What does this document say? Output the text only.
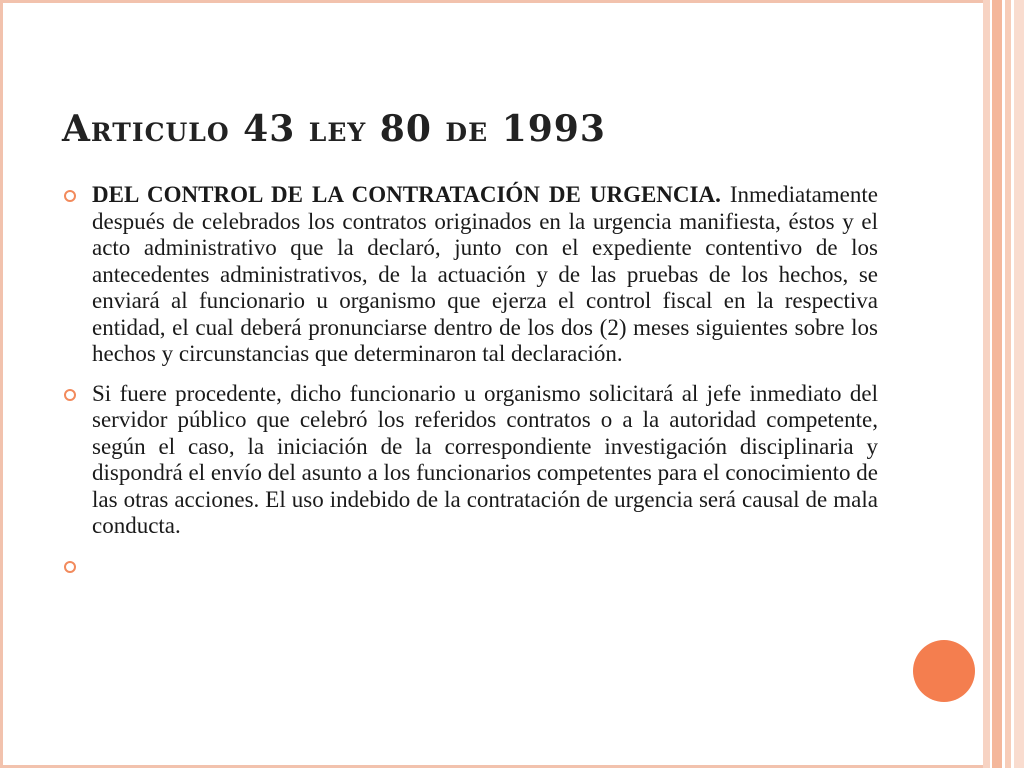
Articulo 43 ley 80 de 1993
DEL CONTROL DE LA CONTRATACIÓN DE URGENCIA. Inmediatamente después de celebrados los contratos originados en la urgencia manifiesta, éstos y el acto administrativo que la declaró, junto con el expediente contentivo de los antecedentes administrativos, de la actuación y de las pruebas de los hechos, se enviará al funcionario u organismo que ejerza el control fiscal en la respectiva entidad, el cual deberá pronunciarse dentro de los dos (2) meses siguientes sobre los hechos y circunstancias que determinaron tal declaración.
Si fuere procedente, dicho funcionario u organismo solicitará al jefe inmediato del servidor público que celebró los referidos contratos o a la autoridad competente, según el caso, la iniciación de la correspondiente investigación disciplinaria y dispondrá el envío del asunto a los funcionarios competentes para el conocimiento de las otras acciones. El uso indebido de la contratación de urgencia será causal de mala conducta.
